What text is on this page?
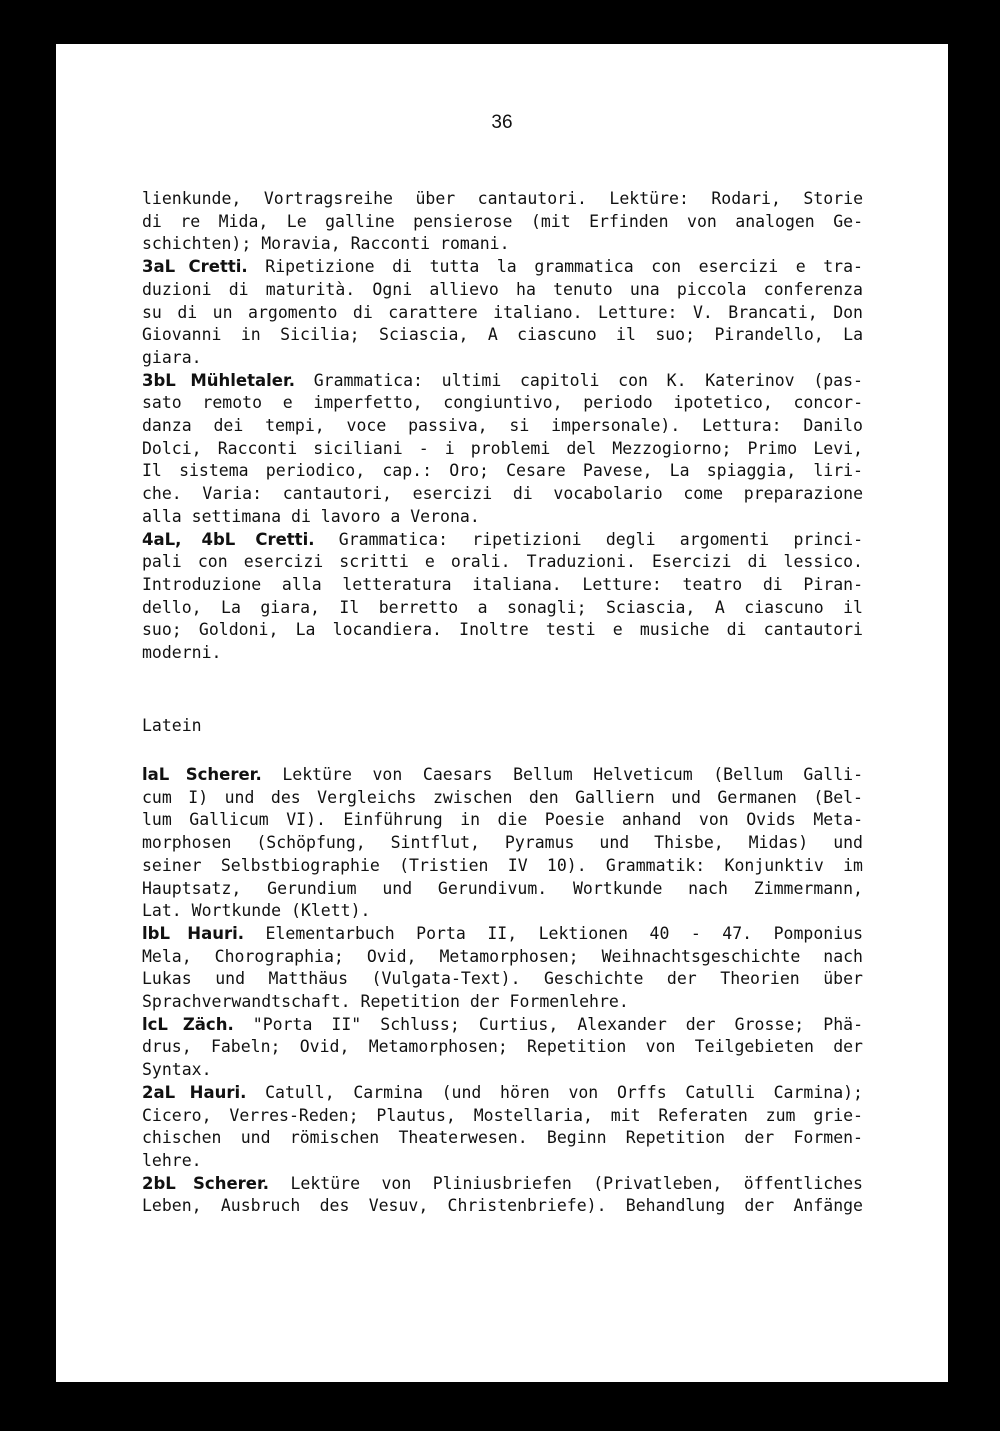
36
lienkunde, Vortragsreihe über cantautori. Lektüre: Rodari, Storie
di re Mida, Le galline pensierose (mit Erfinden von analogen Ge-
schichten); Moravia, Racconti romani.
3aL Cretti. Ripetizione di tutta la grammatica con esercizi e tra-
duzioni di maturità. Ogni allievo ha tenuto una piccola conferenza
su di un argomento di carattere italiano. Letture: V. Brancati, Don
Giovanni in Sicilia; Sciascia, A ciascuno il suo; Pirandello, La
giara.
3bL Mühletaler. Grammatica: ultimi capitoli con K. Katerinov (pas-
sato remoto e imperfetto, congiuntivo, periodo ipotetico, concor-
danza dei tempi, voce passiva, si impersonale). Lettura: Danilo
Dolci, Racconti siciliani - i problemi del Mezzogiorno; Primo Levi,
Il sistema periodico, cap.: Oro; Cesare Pavese, La spiaggia, liri-
che. Varia: cantautori, esercizi di vocabolario come preparazione
alla settimana di lavoro a Verona.
4aL, 4bL Cretti. Grammatica: ripetizioni degli argomenti princi-
pali con esercizi scritti e orali. Traduzioni. Esercizi di lessico.
Introduzione alla letteratura italiana. Letture: teatro di Piran-
dello, La giara, Il berretto a sonagli; Sciascia, A ciascuno il
suo; Goldoni, La locandiera. Inoltre testi e musiche di cantautori
moderni.
Latein
laL Scherer. Lektüre von Caesars Bellum Helveticum (Bellum Galli-
cum I) und des Vergleichs zwischen den Galliern und Germanen (Bel-
lum Gallicum VI). Einführung in die Poesie anhand von Ovids Meta-
morphosen (Schöpfung, Sintflut, Pyramus und Thisbe, Midas) und
seiner Selbstbiographie (Tristien IV 10). Grammatik: Konjunktiv im
Hauptsatz, Gerundium und Gerundivum. Wortkunde nach Zimmermann,
Lat. Wortkunde (Klett).
lbL Hauri. Elementarbuch Porta II, Lektionen 40 - 47. Pomponius
Mela, Chorographia; Ovid, Metamorphosen; Weihnachtsgeschichte nach
Lukas und Matthäus (Vulgata-Text). Geschichte der Theorien über
Sprachverwandtschaft. Repetition der Formenlehre.
lcL Zäch. "Porta II" Schluss; Curtius, Alexander der Grosse; Phä-
drus, Fabeln; Ovid, Metamorphosen; Repetition von Teilgebieten der
Syntax.
2aL Hauri. Catull, Carmina (und hören von Orffs Catulli Carmina);
Cicero, Verres-Reden; Plautus, Mostellaria, mit Referaten zum grie-
chischen und römischen Theaterwesen. Beginn Repetition der Formen-
lehre.
2bL Scherer. Lektüre von Pliniusbriefen (Privatleben, öffentliches
Leben, Ausbruch des Vesuv, Christenbriefe). Behandlung der Anfänge
